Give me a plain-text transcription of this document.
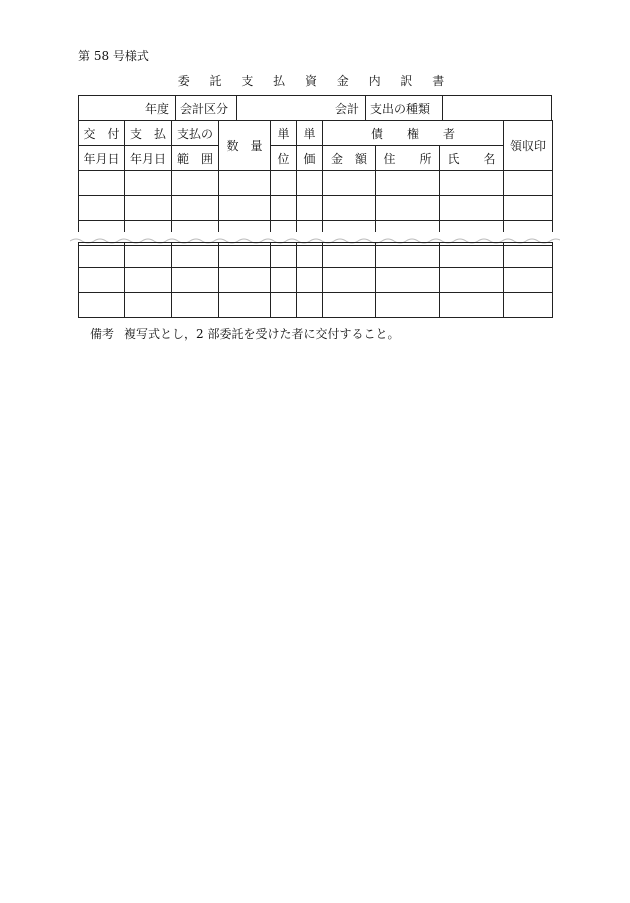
第 58 号様式
委 託 支 払 資 金 内 訳 書
年度	会計区分	会計	支出の種類	
交　付	支　払	支払の	数　量	単	単	債　　権　　者			領収印
年月日	年月日	範　囲		位	価	金　額	住　　所	氏　　名	

備考 複写式とし，2 部委託を受けた者に交付すること。
